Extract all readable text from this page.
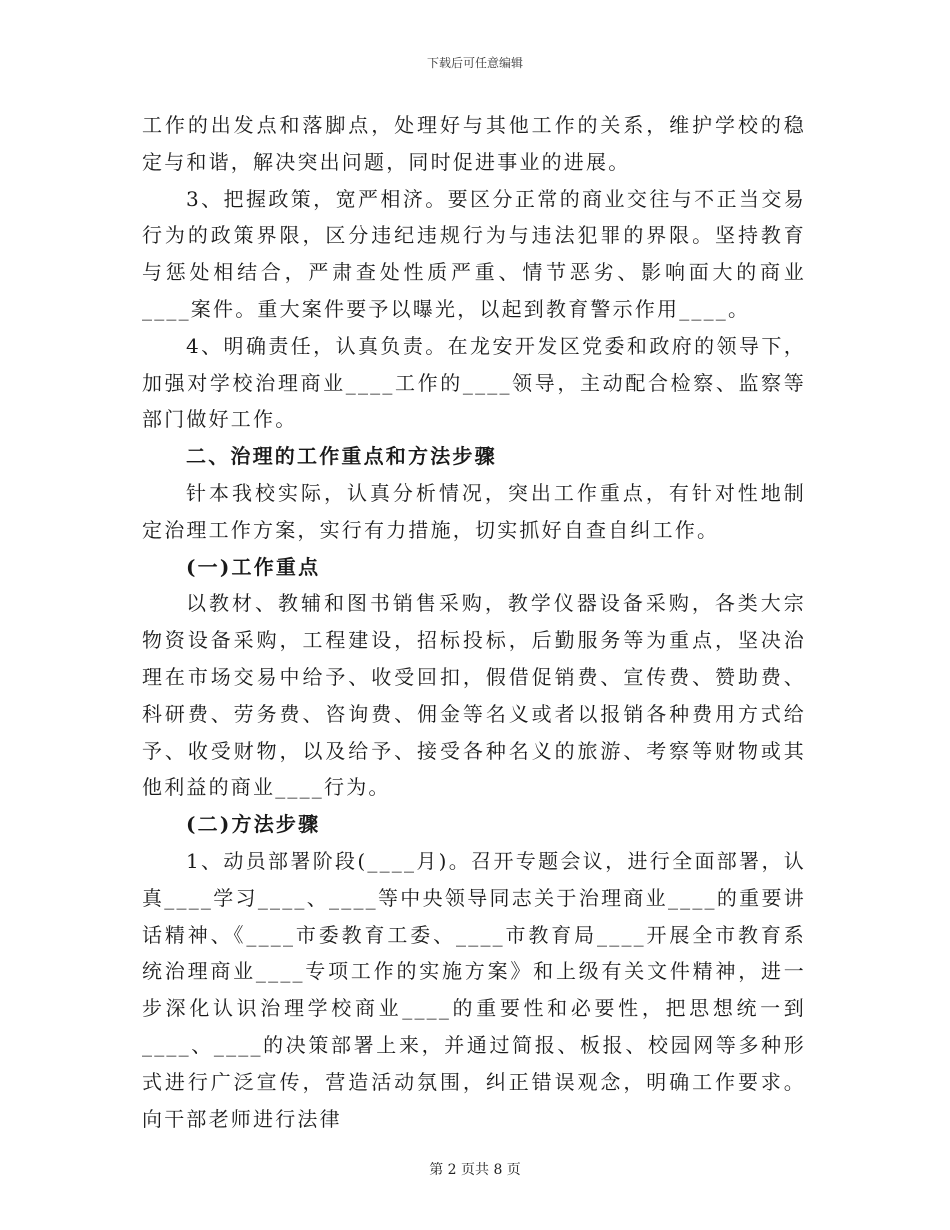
下载后可任意编辑

工作的出发点和落脚点，处理好与其他工作的关系，维护学校的稳定与和谐，解决突出问题，同时促进事业的进展。

3、把握政策，宽严相济。要区分正常的商业交往与不正当交易行为的政策界限，区分违纪违规行为与违法犯罪的界限。坚持教育与惩处相结合，严肃查处性质严重、情节恶劣、影响面大的商业____案件。重大案件要予以曝光，以起到教育警示作用____。

4、明确责任，认真负责。在龙安开发区党委和政府的领导下，加强对学校治理商业____工作的____领导，主动配合检察、监察等部门做好工作。

二、治理的工作重点和方法步骤

针本我校实际，认真分析情况，突出工作重点，有针对性地制定治理工作方案，实行有力措施，切实抓好自查自纠工作。

(一)工作重点

以教材、教辅和图书销售采购，教学仪器设备采购，各类大宗物资设备采购，工程建设，招标投标，后勤服务等为重点，坚决治理在市场交易中给予、收受回扣，假借促销费、宣传费、赞助费、科研费、劳务费、咨询费、佣金等名义或者以报销各种费用方式给予、收受财物，以及给予、接受各种名义的旅游、考察等财物或其他利益的商业____行为。

(二)方法步骤

1、动员部署阶段(____月)。召开专题会议，进行全面部署，认真____学习____、____等中央领导同志关于治理商业____的重要讲话精神、《____市委教育工委、____市教育局____开展全市教育系统治理商业____专项工作的实施方案》和上级有关文件精神，进一步深化认识治理学校商业____的重要性和必要性，把思想统一到____、____的决策部署上来，并通过简报、板报、校园网等多种形式进行广泛宣传，营造活动氛围，纠正错误观念，明确工作要求。向干部老师进行法律

第 2 页共 8 页
